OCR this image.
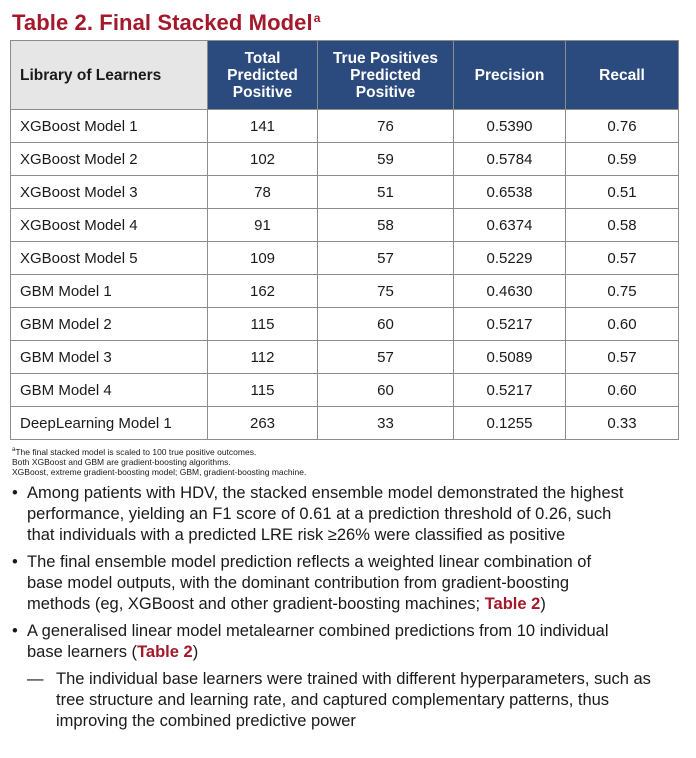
Table 2. Final Stacked Model$^a$
Library of Learners	Total Predicted Positive	True Positives Predicted Positive	Precision	Recall
XGBoost Model 1	141	76	0.5390	0.76
XGBoost Model 2	102	59	0.5784	0.59
XGBoost Model 3	78	51	0.6538	0.51
XGBoost Model 4	91	58	0.6374	0.58
XGBoost Model 5	109	57	0.5229	0.57
GBM Model 1	162	75	0.4630	0.75
GBM Model 2	115	60	0.5217	0.60
GBM Model 3	112	57	0.5089	0.57
GBM Model 4	115	60	0.5217	0.60
DeepLearning Model 1	263	33	0.1255	0.33
$^a$The final stacked model is scaled to 100 true positive outcomes.
Both XGBoost and GBM are gradient-boosting algorithms.
XGBoost, extreme gradient-boosting model; GBM, gradient-boosting machine.
• Among patients with HDV, the stacked ensemble model demonstrated the highest performance, yielding an F1 score of 0.61 at a prediction threshold of 0.26, such that individuals with a predicted LRE risk ≥26% were classified as positive
• The final ensemble model prediction reflects a weighted linear combination of base model outputs, with the dominant contribution from gradient-boosting methods (eg, XGBoost and other gradient-boosting machines; Table 2)
• A generalised linear model metalearner combined predictions from 10 individual base learners (Table 2)
— The individual base learners were trained with different hyperparameters, such as tree structure and learning rate, and captured complementary patterns, thus improving the combined predictive power
